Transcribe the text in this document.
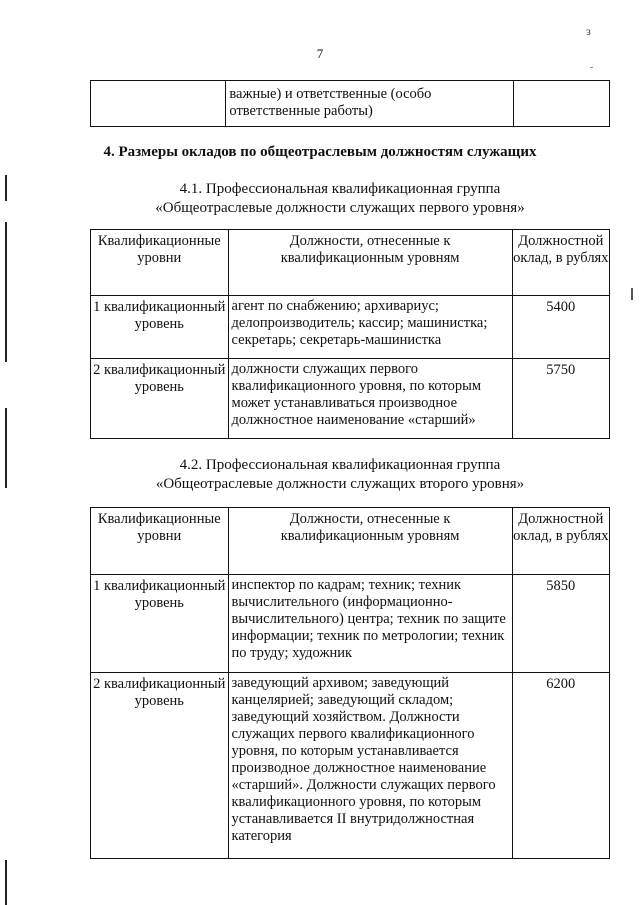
7
з
-
	важные) и ответственные (особо ответственные работы)	
4. Размеры окладов по общеотраслевым должностям служащих
4.1. Профессиональная квалификационная группа
«Общеотраслевые должности служащих первого уровня»
Квалификационные уровни	Должности, отнесенные к квалификационным уровням	Должностной оклад, в рублях
1 квалификационный уровень	агент по снабжению; архивариус; делопроизводитель; кассир; машинистка; секретарь; секретарь-машинистка	5400
2 квалификационный уровень	должности служащих первого квалификационного уровня, по которым может устанавливаться производное должностное наименование «старший»	5750
4.2. Профессиональная квалификационная группа
«Общеотраслевые должности служащих второго уровня»
Квалификационные уровни	Должности, отнесенные к квалификационным уровням	Должностной оклад, в рублях
1 квалификационный уровень	инспектор по кадрам; техник; техник вычислительного (информационно-вычислительного) центра; техник по защите информации; техник по метрологии; техник по труду; художник	5850
2 квалификационный уровень	заведующий архивом; заведующий канцелярией; заведующий складом; заведующий хозяйством. Должности служащих первого квалификационного уровня, по которым устанавливается производное должностное наименование «старший». Должности служащих первого квалификационного уровня, по которым устанавливается II внутридолжностная категория	6200
